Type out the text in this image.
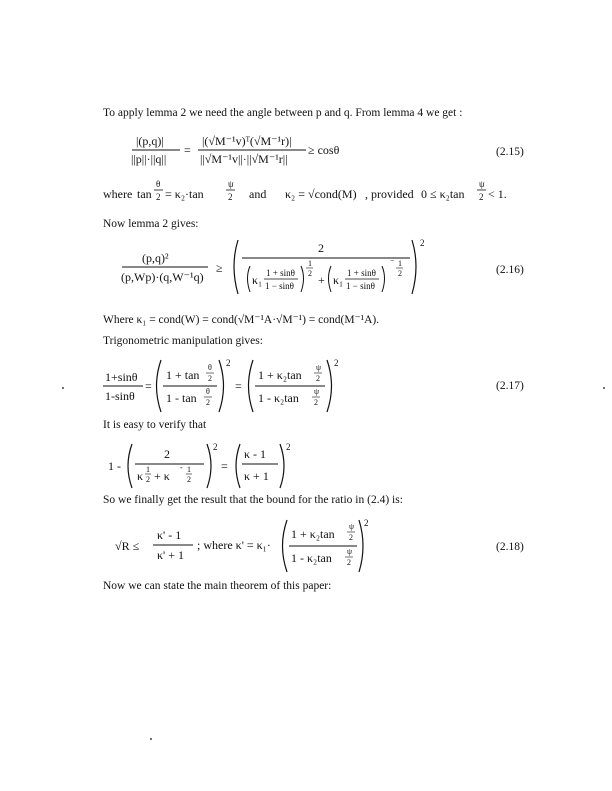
To apply lemma 2 we need the angle between p and q. From lemma 4 we get :
|(p,q)|
||p||·||q||
=
|(√M⁻¹v)ᵀ(√M⁻¹r)|
||√M⁻¹v||·||√M⁻¹r||
≥ cosθ	(2.15)
where tan
θ
2 = κ₂·tan
ψ
2 and κ₂ = √cond(M) , provided 0 ≤ κ₂tan
ψ
2 < 1.
Now lemma 2 gives:
(p,q)²
(p,Wp)·(q,W⁻¹q)
≥
2
κ₁ 1 + sinθ
1 − sinθ
1
2 + κ₁ 1 + sinθ
1 − sinθ
− 1
2
2
(2.16)
Where κ₁ = cond(W) = cond(√M⁻¹A·√M⁻¹) = cond(M⁻¹A).
Trigonometric manipulation gives:
1+sinθ
1-sinθ
=
1 + tan
θ
2
1 - tan θ
2
2
=
1 + κ₂tan
ψ
2
1 - κ₂tan ψ
2
2
(2.17)
It is easy to verify that
1 -
2
κ 1
2 + κ
- 1
2
2
=
κ - 1
κ + 1
2
So we finally get the result that the bound for the ratio in (2.4) is:
√R ≤
κ' - 1
κ' + 1
; where κ' = κ₁·
1 + κ₂tan
ψ
2
1 - κ₂tan ψ
2
2
(2.18)
Now we can state the main theorem of this paper:
